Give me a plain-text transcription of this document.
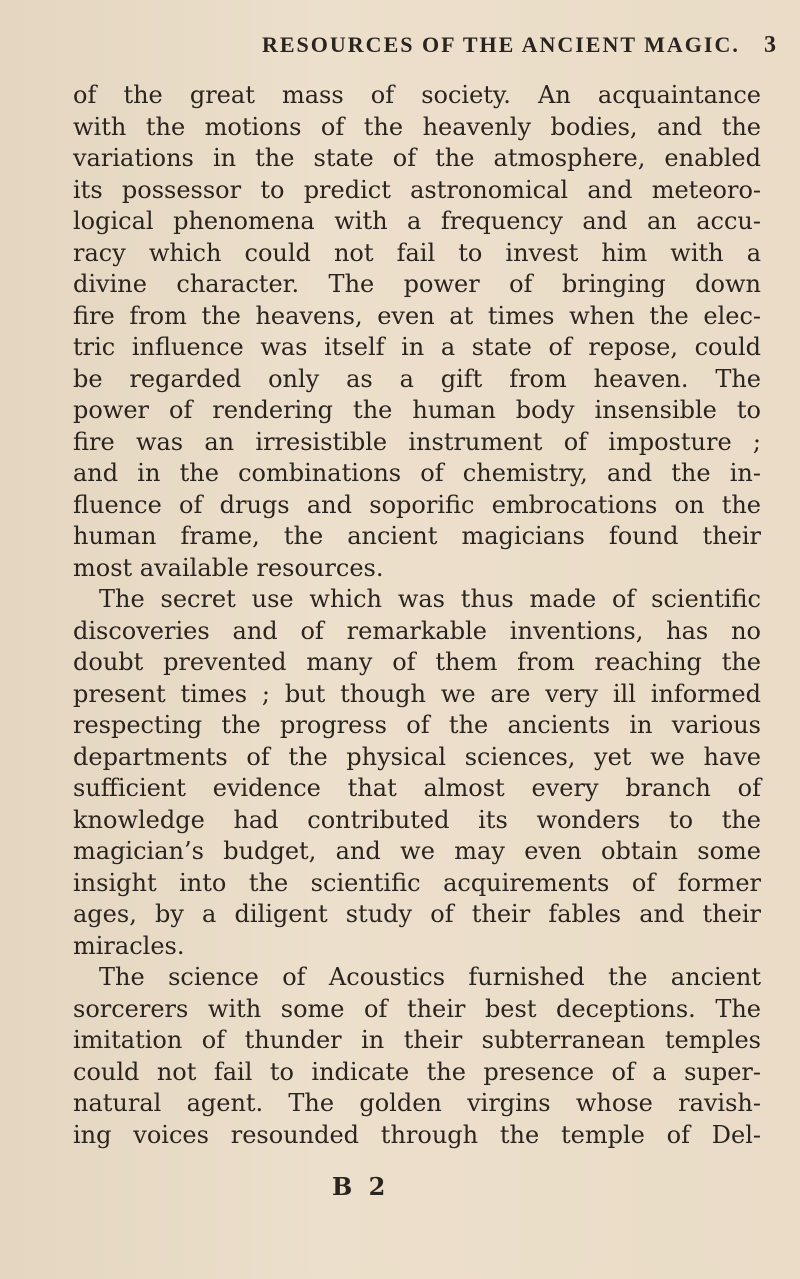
RESOURCES OF THE ANCIENT MAGIC. 3
of the great mass of society. An acquaintance
with the motions of the heavenly bodies, and the
variations in the state of the atmosphere, enabled
its possessor to predict astronomical and meteoro-
logical phenomena with a frequency and an accu-
racy which could not fail to invest him with a
divine character. The power of bringing down
fire from the heavens, even at times when the elec-
tric influence was itself in a state of repose, could
be regarded only as a gift from heaven. The
power of rendering the human body insensible to
fire was an irresistible instrument of imposture ;
and in the combinations of chemistry, and the in-
fluence of drugs and soporific embrocations on the
human frame, the ancient magicians found their
most available resources.
The secret use which was thus made of scientific
discoveries and of remarkable inventions, has no
doubt prevented many of them from reaching the
present times ; but though we are very ill informed
respecting the progress of the ancients in various
departments of the physical sciences, yet we have
sufficient evidence that almost every branch of
knowledge had contributed its wonders to the
magician’s budget, and we may even obtain some
insight into the scientific acquirements of former
ages, by a diligent study of their fables and their
miracles.
The science of Acoustics furnished the ancient
sorcerers with some of their best deceptions. The
imitation of thunder in their subterranean temples
could not fail to indicate the presence of a super-
natural agent. The golden virgins whose ravish-
ing voices resounded through the temple of Del-
B 2
